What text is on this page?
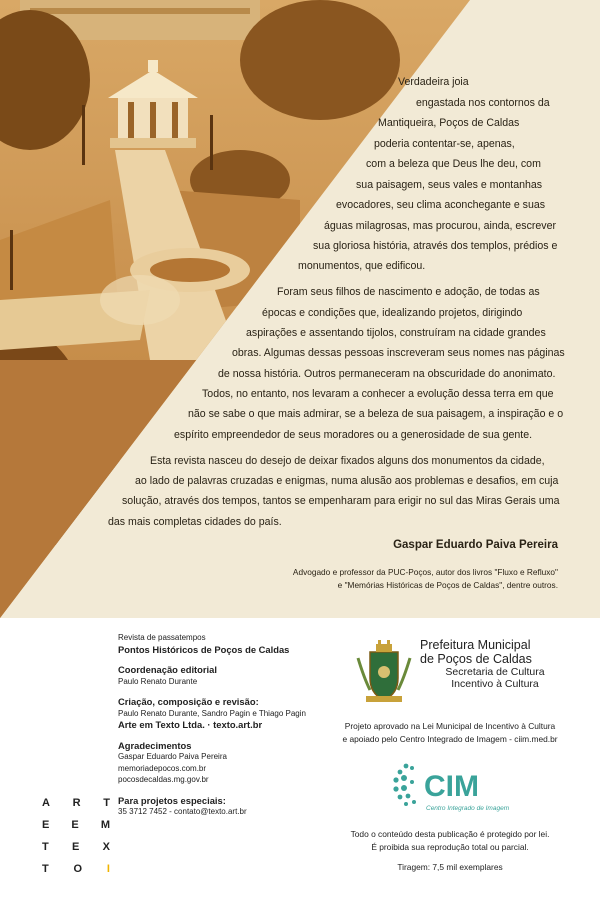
Verdadeira joia
engastada nos contornos da
Mantiqueira, Poços de Caldas
poderia contentar-se, apenas,
com a beleza que Deus lhe deu, com
sua paisagem, seus vales e montanhas
evocadores, seu clima aconchegante e suas
águas milagrosas, mas procurou, ainda, escrever
sua gloriosa história, através dos templos, prédios e
monumentos, que edificou.
Foram seus filhos de nascimento e adoção, de todas as
épocas e condições que, idealizando projetos, dirigindo
aspirações e assentando tijolos, construíram na cidade grandes
obras. Algumas dessas pessoas inscreveram seus nomes nas páginas
de nossa história. Outros permaneceram na obscuridade do anonimato.
Todos, no entanto, nos levaram a conhecer a evolução dessa terra em que
não se sabe o que mais admirar, se a beleza de sua paisagem, a inspiração e o
espírito empreendedor de seus moradores ou a generosidade de sua gente.
Esta revista nasceu do desejo de deixar fixados alguns dos monumentos da cidade,
ao lado de palavras cruzadas e enigmas, numa alusão aos problemas e desafios, em cuja
solução, através dos tempos, tantos se empenharam para erigir no sul das Miras Gerais uma
das mais completas cidades do país.
Gaspar Eduardo Paiva Pereira
Advogado e professor da PUC-Poços, autor dos livros "Fluxo e Refluxo"
e "Memórias Históricas de Poços de Caldas", dentre outros.
Revista de passatempos
Pontos Históricos de Poços de Caldas
Coordenação editorial
Paulo Renato Durante
Criação, composição e revisão:
Paulo Renato Durante, Sandro Pagin e Thiago Pagin
Arte em Texto Ltda. · texto.art.br
Agradecimentos
Gaspar Eduardo Paiva Pereira
memoriadepocos.com.br
pocosdecaldas.mg.gov.br
Para projetos especiais:
35 3712 7452 - contato@texto.art.br
A R T
E E M
T E X
T O I
Prefeitura Municipal
de Poços de Caldas
Secretaria de Cultura
Incentivo à Cultura
Projeto aprovado na Lei Municipal de Incentivo à Cultura
e apoiado pelo Centro Integrado de Imagem - ciim.med.br
CIM
Centro Integrado de Imagem
Todo o conteúdo desta publicação é protegido por lei.
É proibida sua reprodução total ou parcial.
Tiragem: 7,5 mil exemplares
